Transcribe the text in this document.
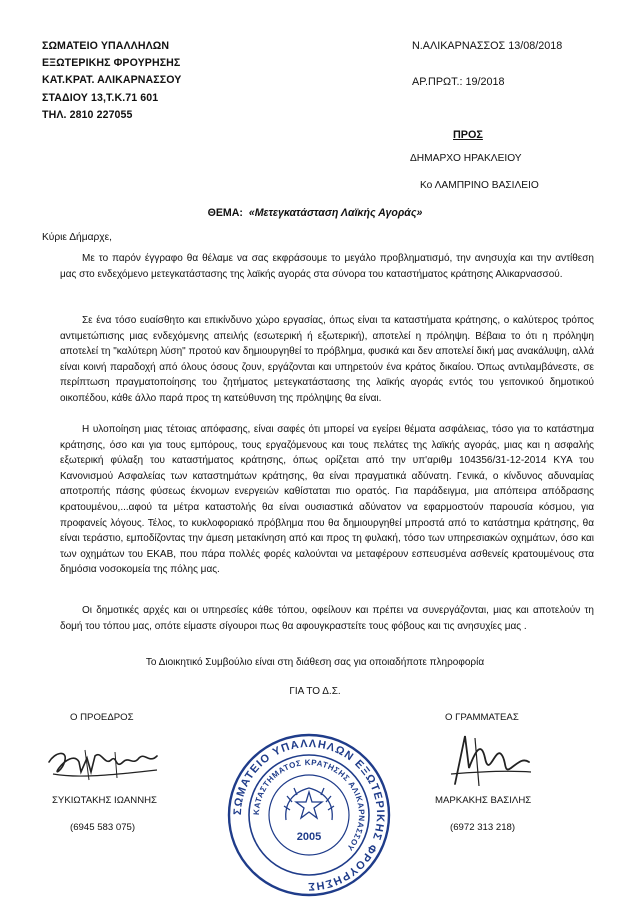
ΣΩΜΑΤΕΙΟ ΥΠΑΛΛΗΛΩΝ
ΕΞΩΤΕΡΙΚΗΣ ΦΡΟΥΡΗΣΗΣ
ΚΑΤ.ΚΡΑΤ. ΑΛΙΚΑΡΝΑΣΣΟΥ
ΣΤΑΔΙΟΥ 13,Τ.Κ.71 601
ΤΗΛ. 2810 227055
Ν.ΑΛΙΚΑΡΝΑΣΣΟΣ 13/08/2018
ΑΡ.ΠΡΩΤ.: 19/2018
ΠΡΟΣ
ΔΗΜΑΡΧΟ ΗΡΑΚΛΕΙΟΥ
Κο ΛΑΜΠΡΙΝΟ ΒΑΣΙΛΕΙΟ
ΘΕΜΑ: «Μετεγκατάσταση Λαϊκής Αγοράς»
Κύριε Δήμαρχε,
Με το παρόν έγγραφο θα θέλαμε να σας εκφράσουμε το μεγάλο προβληματισμό, την ανησυχία και την αντίθεση μας στο ενδεχόμενο μετεγκατάστασης της λαϊκής αγοράς στα σύνορα του καταστήματος κράτησης Αλικαρνασσού.
Σε ένα τόσο ευαίσθητο και επικίνδυνο χώρο εργασίας, όπως είναι τα καταστήματα κράτησης, ο καλύτερος τρόπος αντιμετώπισης μιας ενδεχόμενης απειλής (εσωτερική ή εξωτερική), αποτελεί η πρόληψη. Βέβαια το ότι η πρόληψη αποτελεί τη "καλύτερη λύση" προτού καν δημιουργηθεί το πρόβλημα, φυσικά και δεν αποτελεί δική μας ανακάλυψη, αλλά είναι κοινή παραδοχή από όλους όσους ζουν, εργάζονται και υπηρετούν ένα κράτος δικαίου. Όπως αντιλαμβάνεστε, σε περίπτωση πραγματοποίησης του ζητήματος μετεγκατάστασης της λαϊκής αγοράς εντός του γειτονικού δημοτικού οικοπέδου, κάθε άλλο παρά προς τη κατεύθυνση της πρόληψης θα είναι.
Η υλοποίηση μιας τέτοιας απόφασης, είναι σαφές ότι μπορεί να εγείρει θέματα ασφάλειας, τόσο για το κατάστημα κράτησης, όσο και για τους εμπόρους, τους εργαζόμενους και τους πελάτες της λαϊκής αγοράς, μιας και η ασφαλής εξωτερική φύλαξη του καταστήματος κράτησης, όπως ορίζεται από την υπ'αριθμ 104356/31-12-2014 ΚΥΑ του Κανονισμού Ασφαλείας των καταστημάτων κράτησης, θα είναι πραγματικά αδύνατη. Γενικά, ο κίνδυνος αδυναμίας αποτροπής πάσης φύσεως έκνομων ενεργειών καθίσταται πιο ορατός. Για παράδειγμα, μια απόπειρα απόδρασης κρατουμένου,...αφού τα μέτρα καταστολής θα είναι ουσιαστικά αδύνατον να εφαρμοστούν παρουσία κόσμου, για προφανείς λόγους. Τέλος, το κυκλοφοριακό πρόβλημα που θα δημιουργηθεί μπροστά από το κατάστημα κράτησης, θα είναι τεράστιο, εμποδίζοντας την άμεση μετακίνηση από και προς τη φυλακή, τόσο των υπηρεσιακών οχημάτων, όσο και των οχημάτων του ΕΚΑΒ, που πάρα πολλές φορές καλούνται να μεταφέρουν εσπευσμένα ασθενείς κρατουμένους στα δημόσια νοσοκομεία της πόλης μας.
Οι δημοτικές αρχές και οι υπηρεσίες κάθε τόπου, οφείλουν και πρέπει να συνεργάζονται, μιας και αποτελούν τη δομή του τόπου μας, οπότε είμαστε σίγουροι πως θα αφουγκραστείτε τους φόβους και τις ανησυχίες μας .
Το Διοικητικό Συμβούλιο είναι στη διάθεση σας για οποιαδήποτε πληροφορία
ΓΙΑ ΤΟ Δ.Σ.
Ο ΠΡΟΕΔΡΟΣ
ΣΥΚΙΩΤΑΚΗΣ ΙΩΑΝΝΗΣ
(6945 583 075)
ΣΩΜΑΤΕΙΟ ΥΠΑΛΛΗΛΩΝ ΕΞΩΤΕΡΙΚΗΣ ΦΡΟΥΡΗΣΗΣ
ΚΑΤΑΣΤΗΜΑΤΟΣ ΚΡΑΤΗΣΗΣ ΑΛΙΚΑΡΝΑΣΣΟΥ
2005
Ο ΓΡΑΜΜΑΤΕΑΣ
ΜΑΡΚΑΚΗΣ ΒΑΣΙΛΗΣ
(6972 313 218)
